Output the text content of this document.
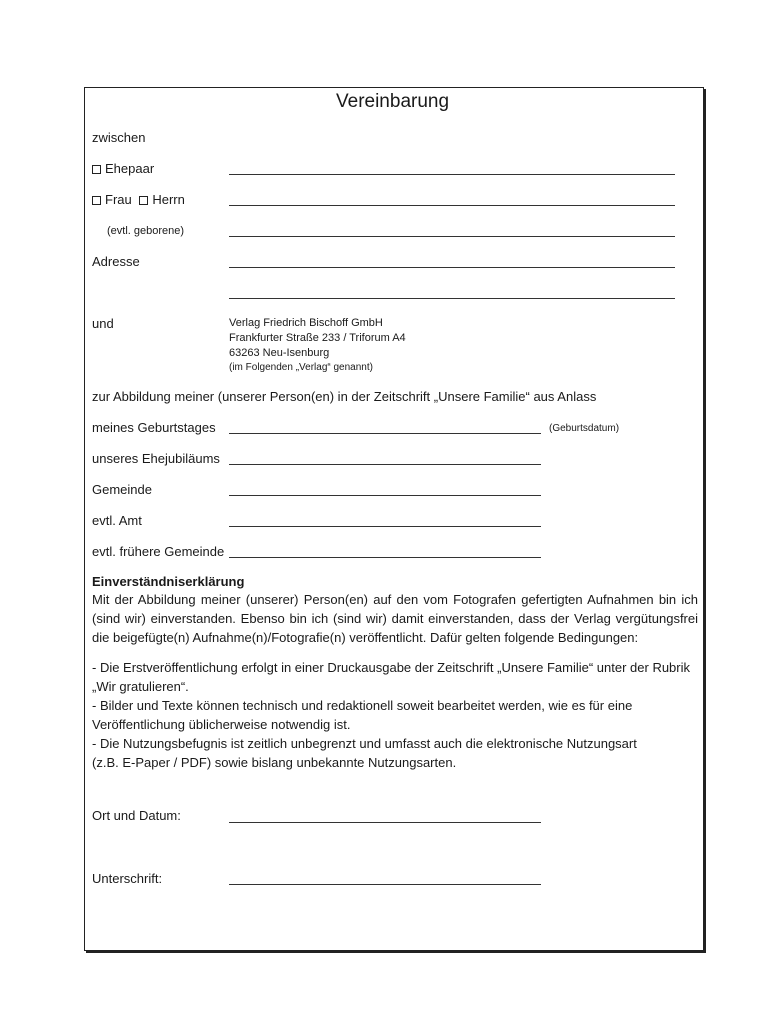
Vereinbarung
zwischen
Ehepaar
Frau Herrn
(evtl. geborene)
Adresse
und	Verlag Friedrich Bischoff GmbH
Frankfurter Straße 233 / Triforum A4
63263 Neu-Isenburg
(im Folgenden „Verlag“ genannt)
zur Abbildung meiner (unserer Person(en) in der Zeitschrift „Unsere Familie“ aus Anlass
meines Geburtstages	(Geburtsdatum)
unseres Ehejubiläums
Gemeinde
evtl. Amt
evtl. frühere Gemeinde
Einverständniserklärung
Mit der Abbildung meiner (unserer) Person(en) auf den vom Fotografen gefertigten Aufnahmen bin ich (sind wir) einverstanden. Ebenso bin ich (sind wir) damit einverstanden, dass der Verlag vergütungsfrei die beigefügte(n) Aufnahme(n)/Fotografie(n) veröffentlicht. Dafür gelten folgende Bedingungen:
- Die Erstveröffentlichung erfolgt in einer Druckausgabe der Zeitschrift „Unsere Familie“ unter der Rubrik „Wir gratulieren“.
- Bilder und Texte können technisch und redaktionell soweit bearbeitet werden, wie es für eine Veröffentlichung üblicherweise notwendig ist.
- Die Nutzungsbefugnis ist zeitlich unbegrenzt und umfasst auch die elektronische Nutzungsart (z.B. E-Paper / PDF) sowie bislang unbekannte Nutzungsarten.
Ort und Datum:
Unterschrift:
